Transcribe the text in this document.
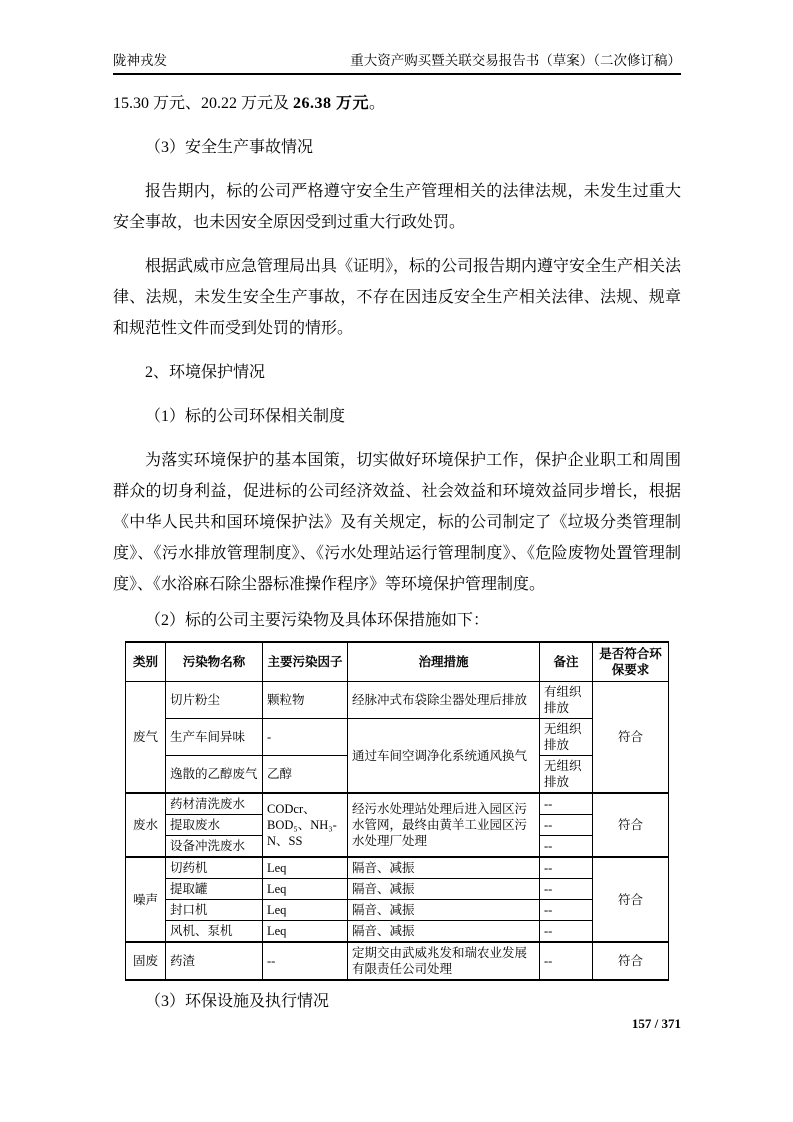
陇神戎发	重大资产购买暨关联交易报告书（草案）（二次修订稿）

15.30 万元、20.22 万元及 26.38 万元。

（3）安全生产事故情况

报告期内，标的公司严格遵守安全生产管理相关的法律法规，未发生过重大安全事故，也未因安全原因受到过重大行政处罚。

根据武威市应急管理局出具《证明》，标的公司报告期内遵守安全生产相关法律、法规，未发生安全生产事故，不存在因违反安全生产相关法律、法规、规章和规范性文件而受到处罚的情形。

2、环境保护情况

（1）标的公司环保相关制度

为落实环境保护的基本国策，切实做好环境保护工作，保护企业职工和周围群众的切身利益，促进标的公司经济效益、社会效益和环境效益同步增长，根据《中华人民共和国环境保护法》及有关规定，标的公司制定了《垃圾分类管理制度》、《污水排放管理制度》、《污水处理站运行管理制度》、《危险废物处置管理制度》、《水浴麻石除尘器标准操作程序》等环境保护管理制度。

（2）标的公司主要污染物及具体环保措施如下：

类别	污染物名称	主要污染因子	治理措施	备注	是否符合环保要求
废气	切片粉尘	颗粒物	经脉冲式布袋除尘器处理后排放	有组织排放	符合
	生产车间异味	-	通过车间空调净化系统通风换气	无组织排放	
	逸散的乙醇废气	乙醇		无组织排放	
废水	药材清洗废水	CODcr、BOD₅、NH₃-N、SS	经污水处理站处理后进入园区污水管网，最终由黄羊工业园区污水处理厂处理	--	符合
	提取废水			--	
	设备冲洗废水			--	
噪声	切药机	Leq	隔音、减振	--	符合
	提取罐	Leq	隔音、减振	--	
	封口机	Leq	隔音、减振	--	
	风机、泵机	Leq	隔音、减振	--	
固废	药渣	--	定期交由武威兆发和瑞农业发展有限责任公司处理	--	符合

（3）环保设施及执行情况

157 / 371
